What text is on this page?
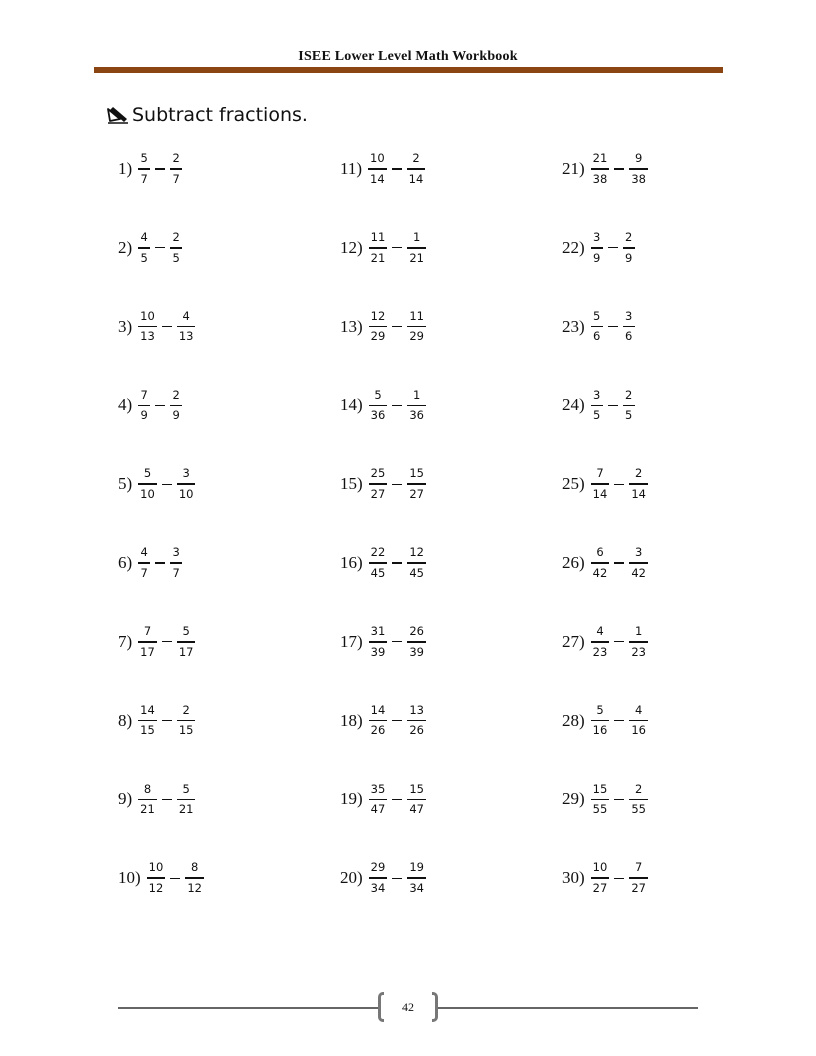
ISEE Lower Level Math Workbook
Subtract fractions.
$1) \frac{5}{7} \frac{2}{7}$
$2) \frac{4}{5} \frac{2}{5}$
$3) \frac{10}{13} \frac{4}{13}$
$4) \frac{7}{9} \frac{2}{9}$
$5) \frac{5}{10} \frac{3}{10}$
$6) \frac{4}{7} \frac{3}{7}$
$7) \frac{7}{17} \frac{5}{17}$
$8) \frac{14}{15} \frac{2}{15}$
$9) \frac{8}{21} \frac{5}{21}$
$10) \frac{10}{12} \frac{8}{12}$
$11) \frac{10}{14} \frac{2}{14}$
$12) \frac{11}{21} \frac{1}{21}$
$13) \frac{12}{29} \frac{11}{29}$
$14) \frac{5}{36} \frac{1}{36}$
$15) \frac{25}{27} \frac{15}{27}$
$16) \frac{22}{45} \frac{12}{45}$
$17) \frac{31}{39} \frac{26}{39}$
$18) \frac{14}{26} \frac{13}{26}$
$19) \frac{35}{47} \frac{15}{47}$
$20) \frac{29}{34} \frac{19}{34}$
$21) \frac{21}{38} \frac{9}{38}$
$22) \frac{3}{9} \frac{2}{9}$
$23) \frac{5}{6} \frac{3}{6}$
$24) \frac{3}{5} \frac{2}{5}$
$25) \frac{7}{14} \frac{2}{14}$
$26) \frac{6}{42} \frac{3}{42}$
$27) \frac{4}{23} \frac{1}{23}$
$28) \frac{5}{16} \frac{4}{16}$
$29) \frac{15}{55} \frac{2}{55}$
$30) \frac{10}{27} \frac{7}{27}$
42
